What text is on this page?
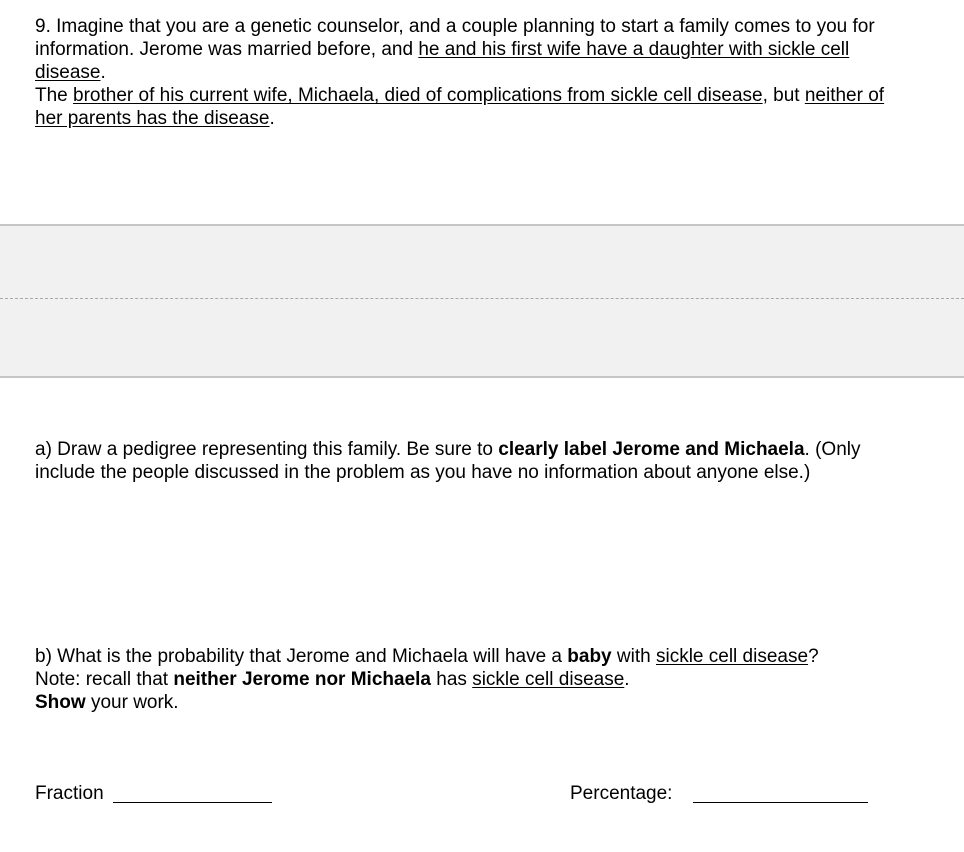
9. Imagine that you are a genetic counselor, and a couple planning to start a family comes to you for
information. Jerome was married before, and he and his first wife have a daughter with sickle cell
disease.
The brother of his current wife, Michaela, died of complications from sickle cell disease, but neither of
her parents has the disease.
a) Draw a pedigree representing this family. Be sure to clearly label Jerome and Michaela. (Only
include the people discussed in the problem as you have no information about anyone else.)
b) What is the probability that Jerome and Michaela will have a baby with sickle cell disease?
Note: recall that neither Jerome nor Michaela has sickle cell disease.
Show your work.
Fraction	Percentage:
